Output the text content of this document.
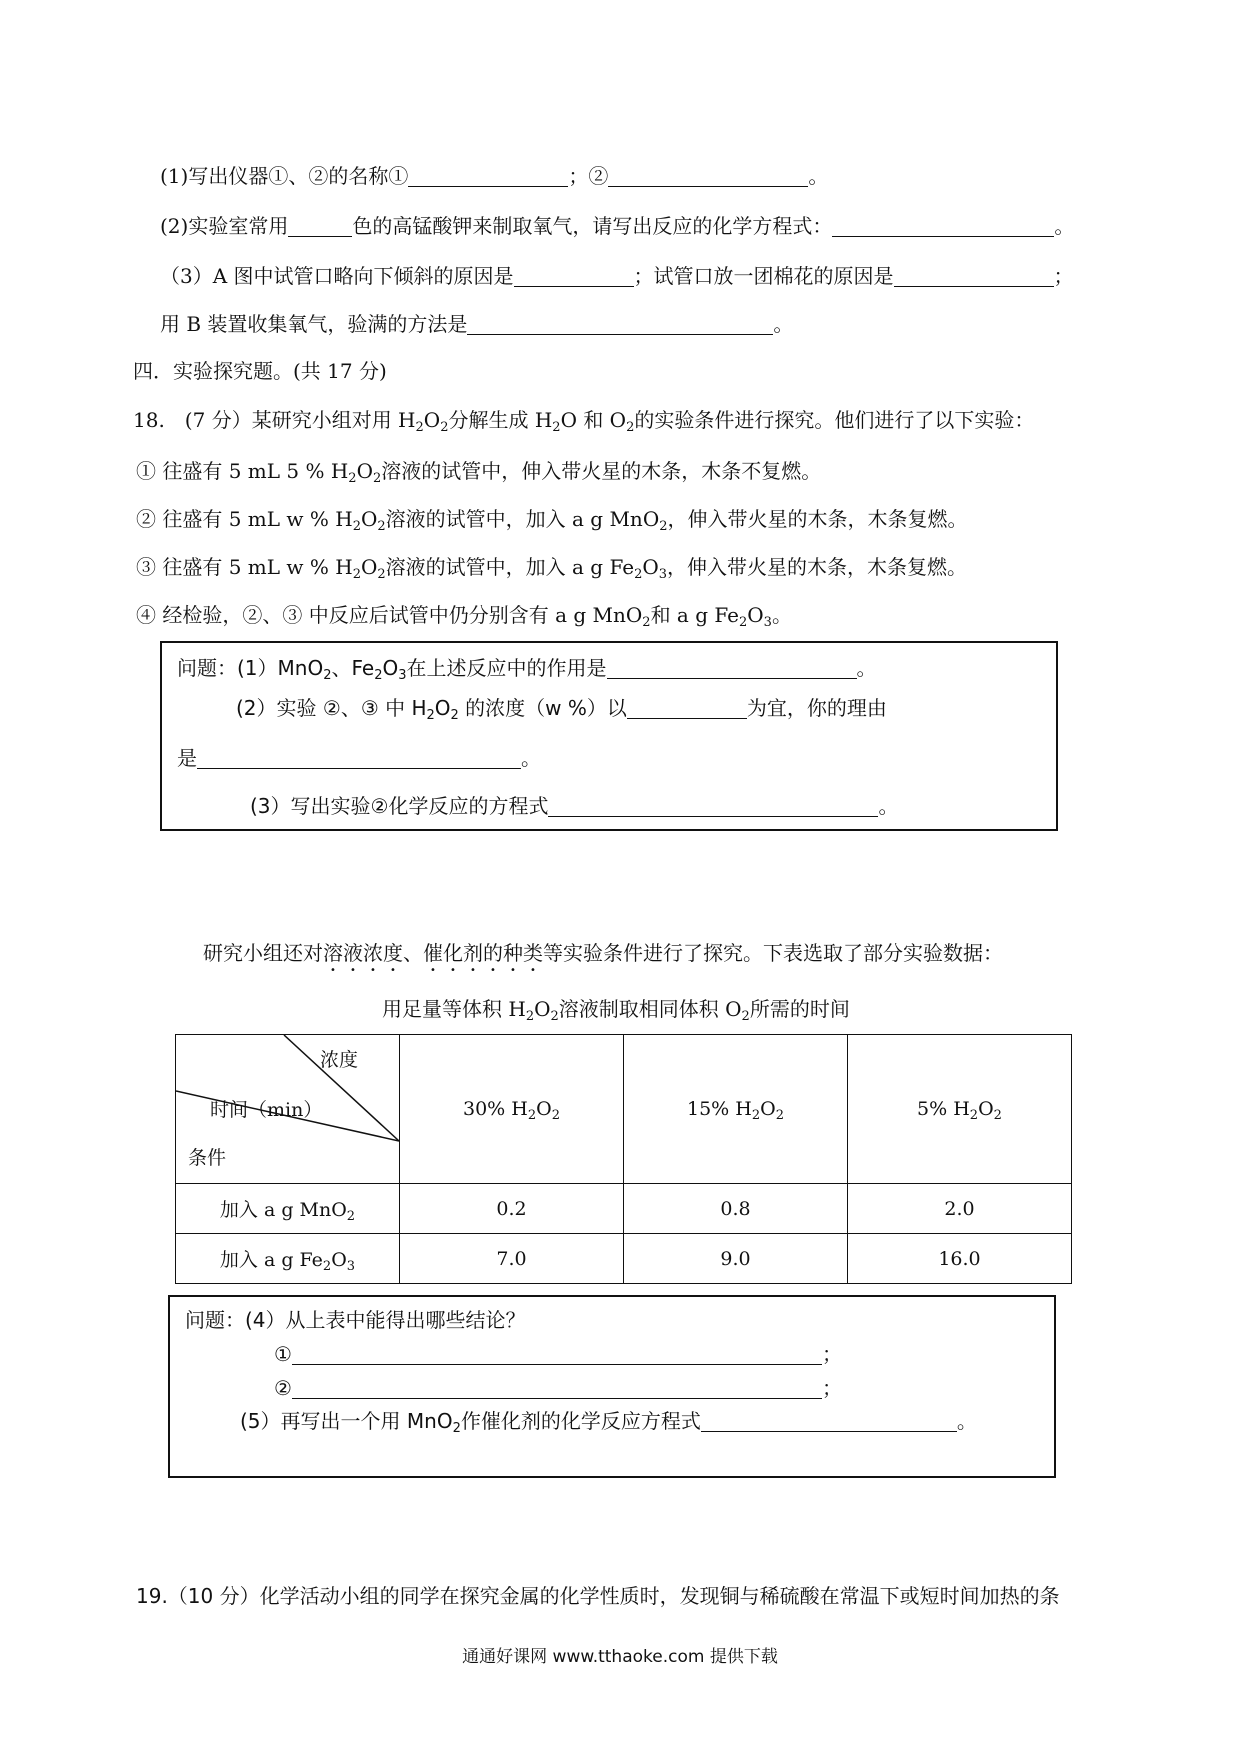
(1)写出仪器①、②的名称①	；②	。
(2)实验室常用	色的高锰酸钾来制取氧气，请写出反应的化学方程式：	。
（3）A 图中试管口略向下倾斜的原因是	；试管口放一团棉花的原因是	；
用 B 装置收集氧气，验满的方法是	。
四．实验探究题。(共 17 分)
18.　(7 分）某研究小组对用 $H_2O_2$分解生成 $H_2O$ 和 $O_2$的实验条件进行探究。他们进行了以下实验：
① 往盛有 5 mL 5 % $H_2O_2$溶液的试管中，伸入带火星的木条，木条不复燃。
② 往盛有 5 mL w % $H_2O_2$溶液的试管中，加入 a g MnO$_2$，伸入带火星的木条，木条复燃。
③ 往盛有 5 mL w % $H_2O_2$溶液的试管中，加入 a g $Fe_2O_3$，伸入带火星的木条，木条复燃。
④ 经检验，②、③ 中反应后试管中仍分别含有 a g MnO$_2$和 a g $Fe_2O_3$。
问题：(1）MnO$_2$、$Fe_2O_3$在上述反应中的作用是	。
(2）实验 ②、③ 中 $H_2O_2$ 的浓度（w %）以	为宜，你的理由
是	。
(3）写出实验②化学反应的方程式	。
研究小组还对溶液浓度、催化剂的种类等实验条件进行了探究。下表选取了部分实验数据：
用足量等体积 $H_2O_2$溶液制取相同体积 $O_2$所需的时间
浓度
时间（min）
条件	30% $H_2O_2$	15% $H_2O_2$	5% $H_2O_2$
加入 a g MnO$_2$	0.2	0.8	2.0
加入 a g $Fe_2O_3$	7.0	9.0	16.0
问题：(4）从上表中能得出哪些结论？
①	；
②	；
(5）再写出一个用 MnO$_2$作催化剂的化学反应方程式	。
19.（10 分）化学活动小组的同学在探究金属的化学性质时，发现铜与稀硫酸在常温下或短时间加热的条
通通好课网 www.tthaoke.com 提供下载
